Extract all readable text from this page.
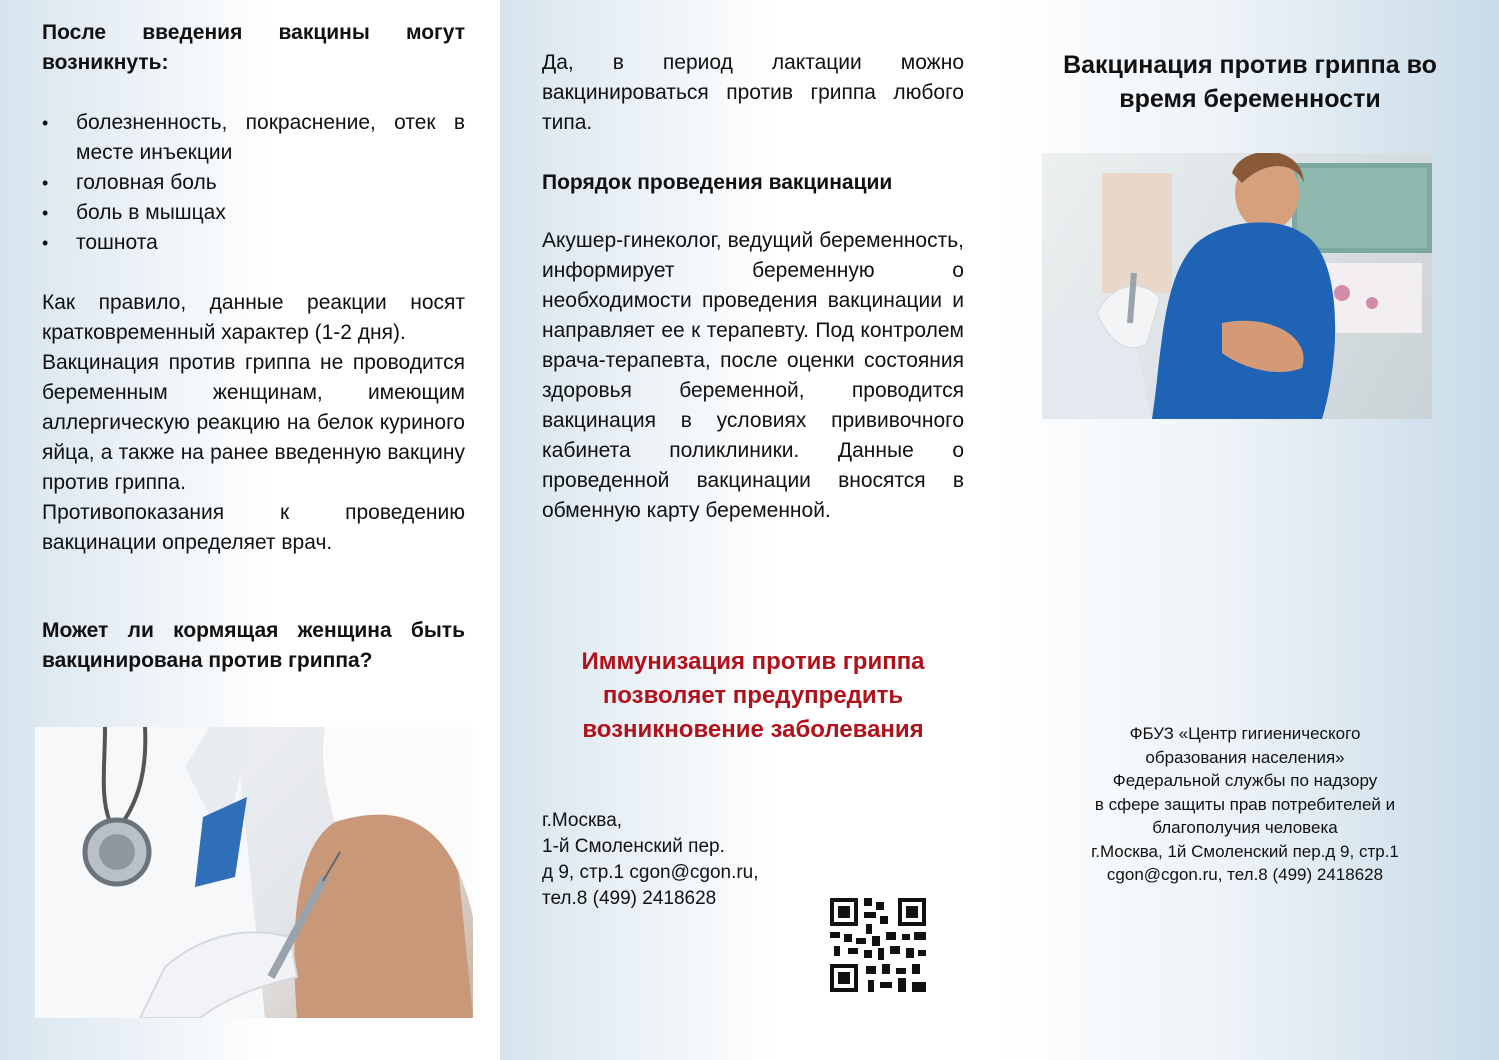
После введения вакцины могут возникнуть:
• болезненность, покраснение, отек в месте инъекции
• головная боль
• боль в мышцах
• тошнота

Как правило, данные реакции носят кратковременный характер (1-2 дня).

Вакцинация против гриппа не проводится беременным женщинам, имеющим аллергическую реакцию на белок куриного яйца, а также на ранее введенную вакцину против гриппа.

Противопоказания к проведению вакцинации определяет врач.

Может ли кормящая женщина быть вакцинирована против гриппа?
Да, в период лактации можно вакцинироваться против гриппа любого типа.
Порядок проведения вакцинации
Акушер-гинеколог, ведущий беременность, информирует беременную о необходимости проведения вакцинации и направляет ее к терапевту. Под контролем врача-терапевта, после оценки состояния здоровья беременной, проводится вакцинация в условиях прививочного кабинета поликлиники. Данные о проведенной вакцинации вносятся в обменную карту беременной.
Иммунизация против гриппа
позволяет предупредить
возникновение заболевания
г.Москва,
1-й Смоленский пер.
д 9, стр.1 cgon@cgon.ru,
тел.8 (499) 2418628
Вакцинация против гриппа во
время беременности
ФБУЗ «Центр гигиенического
образования населения»
Федеральной службы по надзору
в сфере защиты прав потребителей и
благополучия человека
г.Москва, 1й Смоленский пер.д 9, стр.1
cgon@cgon.ru, тел.8 (499) 2418628
